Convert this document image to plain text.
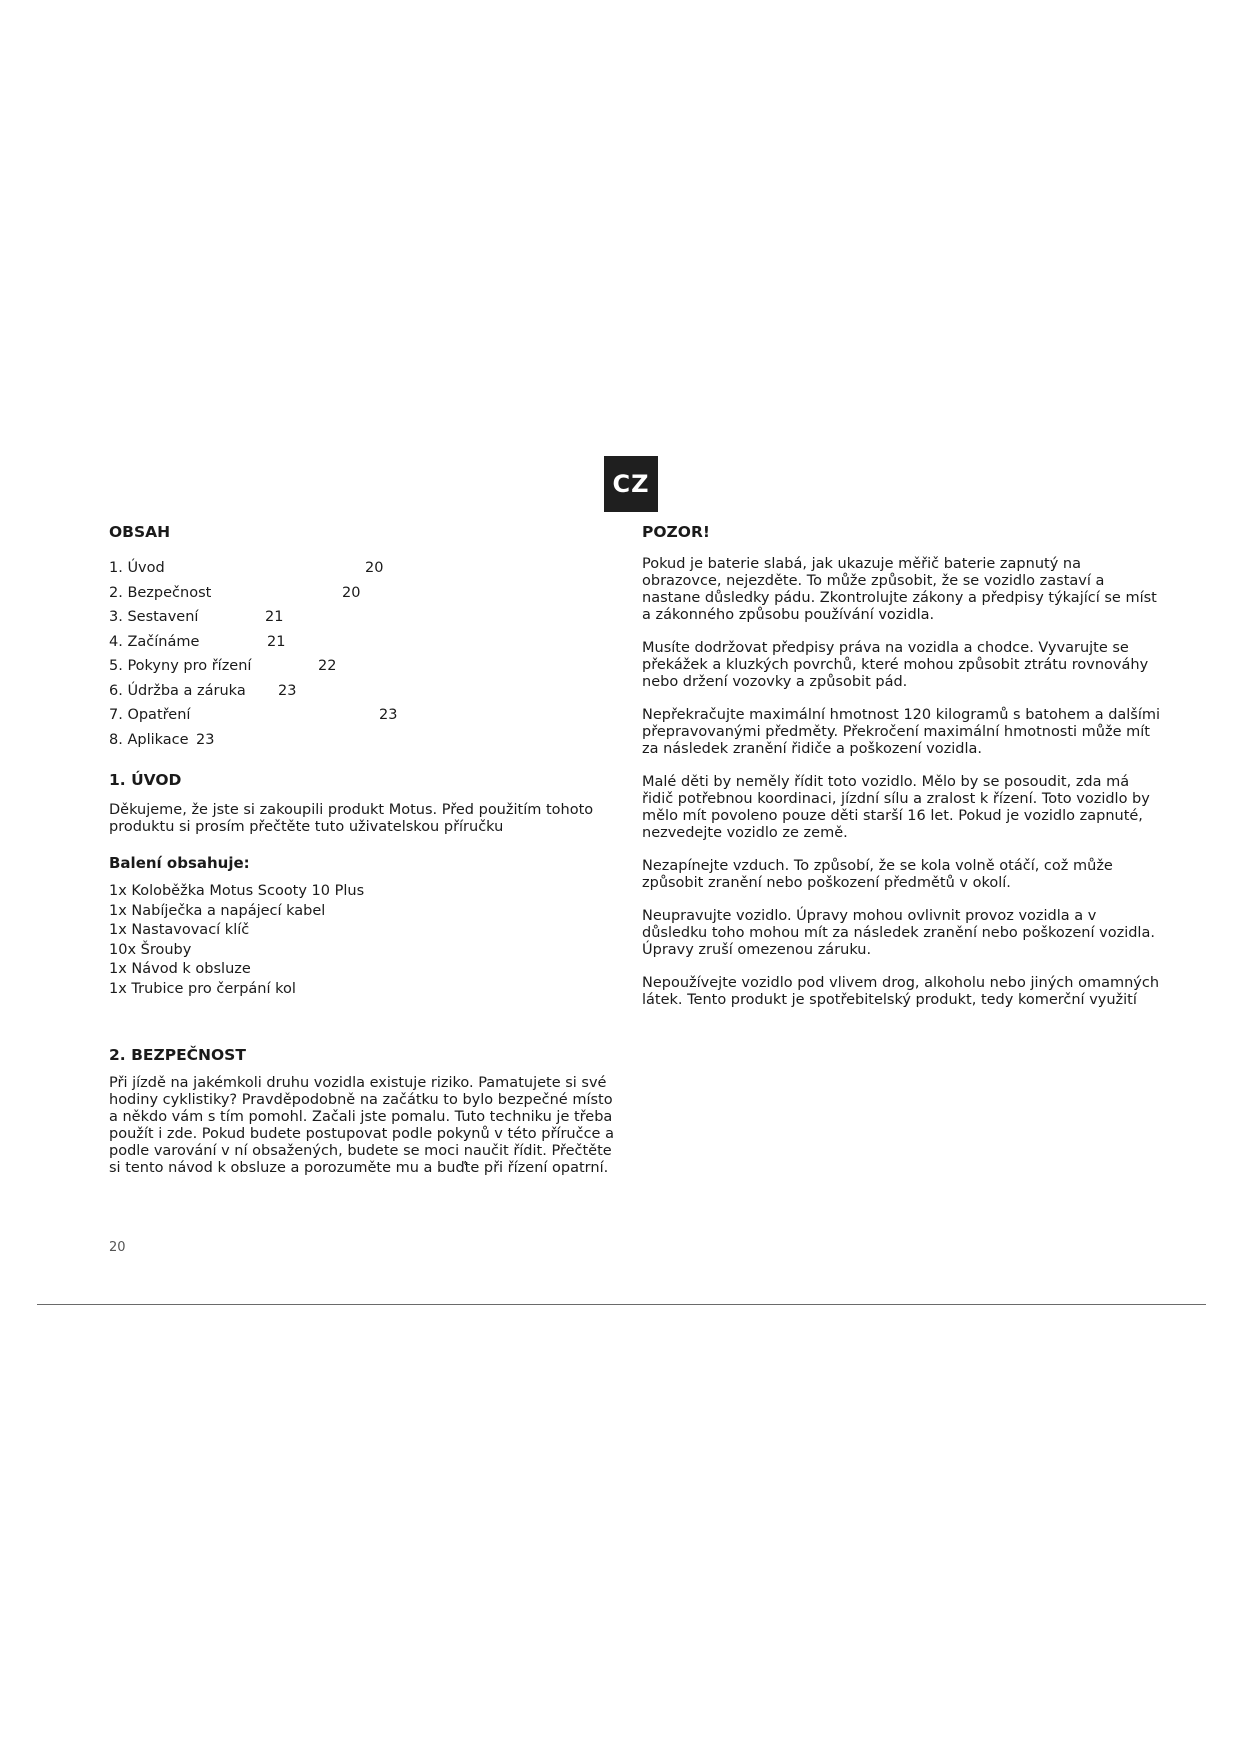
CZ
OBSAH
1. Úvod	20
2. Bezpečnost	20
3. Sestavení	21
4. Začínáme	21
5. Pokyny pro řízení	22
6. Údržba a záruka 23
7. Opatření	23
8. Aplikace 23
1. ÚVOD

Děkujeme, že jste si zakoupili produkt Motus. Před použitím tohoto produktu si prosím přečtěte tuto uživatelskou příručku

Balení obsahuje:
1x Koloběžka Motus Scooty 10 Plus
1x Nabíječka a napájecí kabel
1x Nastavovací klíč
10x Šrouby
1x Návod k obsluze
1x Trubice pro čerpání kol
2. BEZPEČNOST

Při jízdě na jakémkoli druhu vozidla existuje riziko. Pamatujete si své hodiny cyklistiky? Pravděpodobně na začátku to bylo bezpečné místo a někdo vám s tím pomohl. Začali jste pomalu. Tuto techniku je třeba použít i zde. Pokud budete postupovat podle pokynů v této příručce a podle varování v ní obsažených, budete se moci naučit řídit. Přečtěte si tento návod k obsluze a porozuměte mu a buďte při řízení opatrní.

POZOR!

Pokud je baterie slabá, jak ukazuje měřič baterie zapnutý na obrazovce, nejezděte. To může způsobit, že se vozidlo zastaví a nastane důsledky pádu. Zkontrolujte zákony a předpisy týkající se míst a zákonného způsobu používání vozidla.

Musíte dodržovat předpisy práva na vozidla a chodce. Vyvarujte se překážek a kluzkých povrchů, které mohou způsobit ztrátu rovnováhy nebo držení vozovky a způsobit pád.

Nepřekračujte maximální hmotnost 120 kilogramů s batohem a dalšími přepravovanými předměty. Překročení maximální hmotnosti může mít za následek zranění řidiče a poškození vozidla.

Malé děti by neměly řídit toto vozidlo. Mělo by se posoudit, zda má řidič potřebnou koordinaci, jízdní sílu a zralost k řízení. Toto vozidlo by mělo mít povoleno pouze děti starší 16 let. Pokud je vozidlo zapnuté, nezvedejte vozidlo ze země.

Nezapínejte vzduch. To způsobí, že se kola volně otáčí, což může způsobit zranění nebo poškození předmětů v okolí.

Neupravujte vozidlo. Úpravy mohou ovlivnit provoz vozidla a v důsledku toho mohou mít za následek zranění nebo poškození vozidla. Úpravy zruší omezenou záruku.

Nepoužívejte vozidlo pod vlivem drog, alkoholu nebo jiných omamných látek. Tento produkt je spotřebitelský produkt, tedy komerční využití

20
